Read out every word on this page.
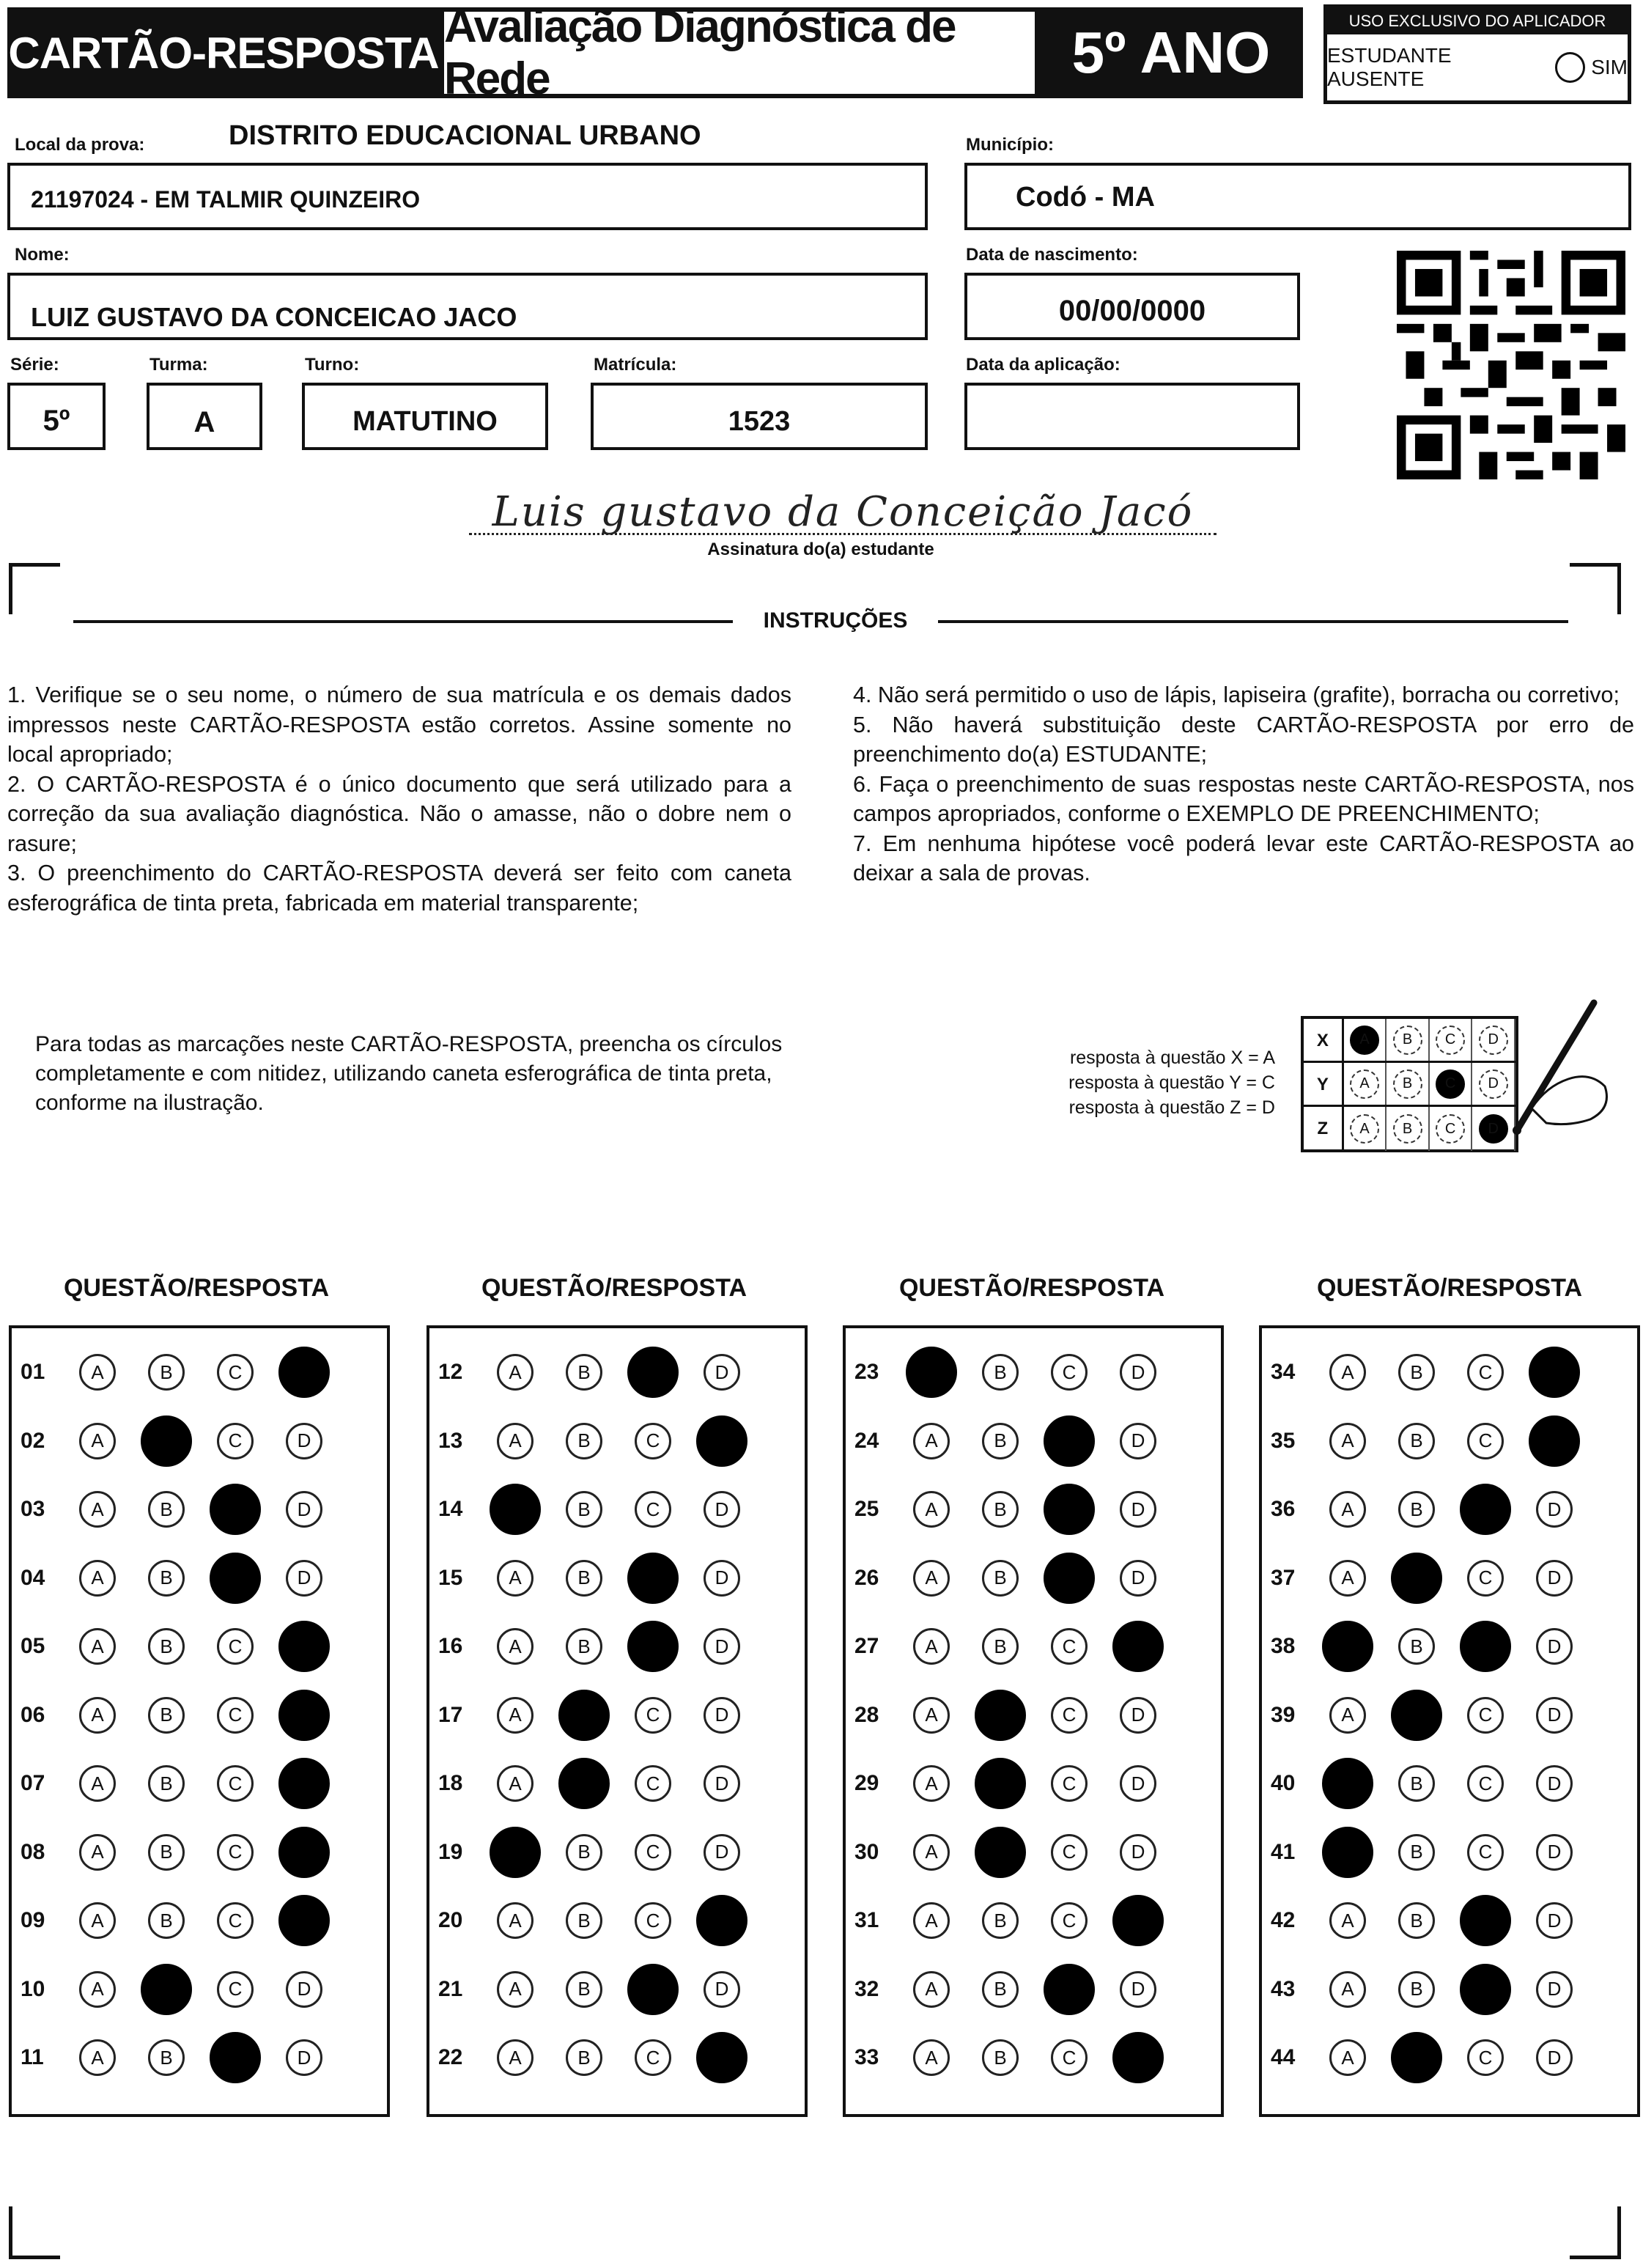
CARTÃO-RESPOSTA
Avaliação Diagnóstica de Rede	5º ANO	USO EXCLUSIVO DO APLICADOR
ESTUDANTE AUSENTE
SIM
Local da prova:	DISTRITO EDUCACIONAL URBANO
21197024 - EM TALMIR QUINZEIRO
Município:
Codó - MA
Nome:
LUIZ GUSTAVO DA CONCEICAO JACO
Data de nascimento:
00/00/0000
Série:
5º
Turma:
A
Turno:
MATUTINO
Matrícula:
1523
Data da aplicação:
Luis gustavo da Conceição Jacó
Assinatura do(a) estudante
INSTRUÇÕES

1. Verifique se o seu nome, o número de sua matrícula e os demais dados impressos neste CARTÃO-RESPOSTA estão corretos. Assine somente no local apropriado;

2. O CARTÃO-RESPOSTA é o único documento que será utilizado para a correção da sua avaliação diagnóstica. Não o amasse, não o dobre nem o rasure;

3. O preenchimento do CARTÃO-RESPOSTA deverá ser feito com caneta esferográfica de tinta preta, fabricada em material transparente;

4. Não será permitido o uso de lápis, lapiseira (grafite), borracha ou corretivo;

5. Não haverá substituição deste CARTÃO-RESPOSTA por erro de preenchimento do(a) ESTUDANTE;

6. Faça o preenchimento de suas respostas neste CARTÃO-RESPOSTA, nos campos apropriados, conforme o EXEMPLO DE PREENCHIMENTO;

7. Em nenhuma hipótese você poderá levar este CARTÃO-RESPOSTA ao deixar a sala de provas.

Para todas as marcações neste CARTÃO-RESPOSTA, preencha os círculos completamente e com nitidez, utilizando caneta esferográfica de tinta preta, conforme na ilustração.
resposta à questão X = A
resposta à questão Y = C
resposta à questão Z = D
X	A	B	C	D
Y	A	B	C	D
Z	A	B	C	D
QUESTÃO/RESPOSTA	QUESTÃO/RESPOSTA	QUESTÃO/RESPOSTA	QUESTÃO/RESPOSTA
01	A	B	C	D
02	A	B	C	D
03	A	B	C	D
04	A	B	C	D
05	A	B	C	D
06	A	B	C	D
07	A	B	C	D
08	A	B	C	D
09	A	B	C	D
10	A	B	C	D
11	A	B	C	D
12	A	B	C	D
13	A	B	C	D
14	A	B	C	D
15	A	B	C	D
16	A	B	C	D
17	A	B	C	D
18	A	B	C	D
19	A	B	C	D
20	A	B	C	D
21	A	B	C	D
22	A	B	C	D
23	A	B	C	D
24	A	B	C	D
25	A	B	C	D
26	A	B	C	D
27	A	B	C	D
28	A	B	C	D
29	A	B	C	D
30	A	B	C	D
31	A	B	C	D
32	A	B	C	D
33	A	B	C	D
34	A	B	C	D
35	A	B	C	D
36	A	B	C	D
37	A	B	C	D
38	A	B	C	D
39	A	B	C	D
40	A	B	C	D
41	A	B	C	D
42	A	B	C	D
43	A	B	C	D
44	A	B	C	D
